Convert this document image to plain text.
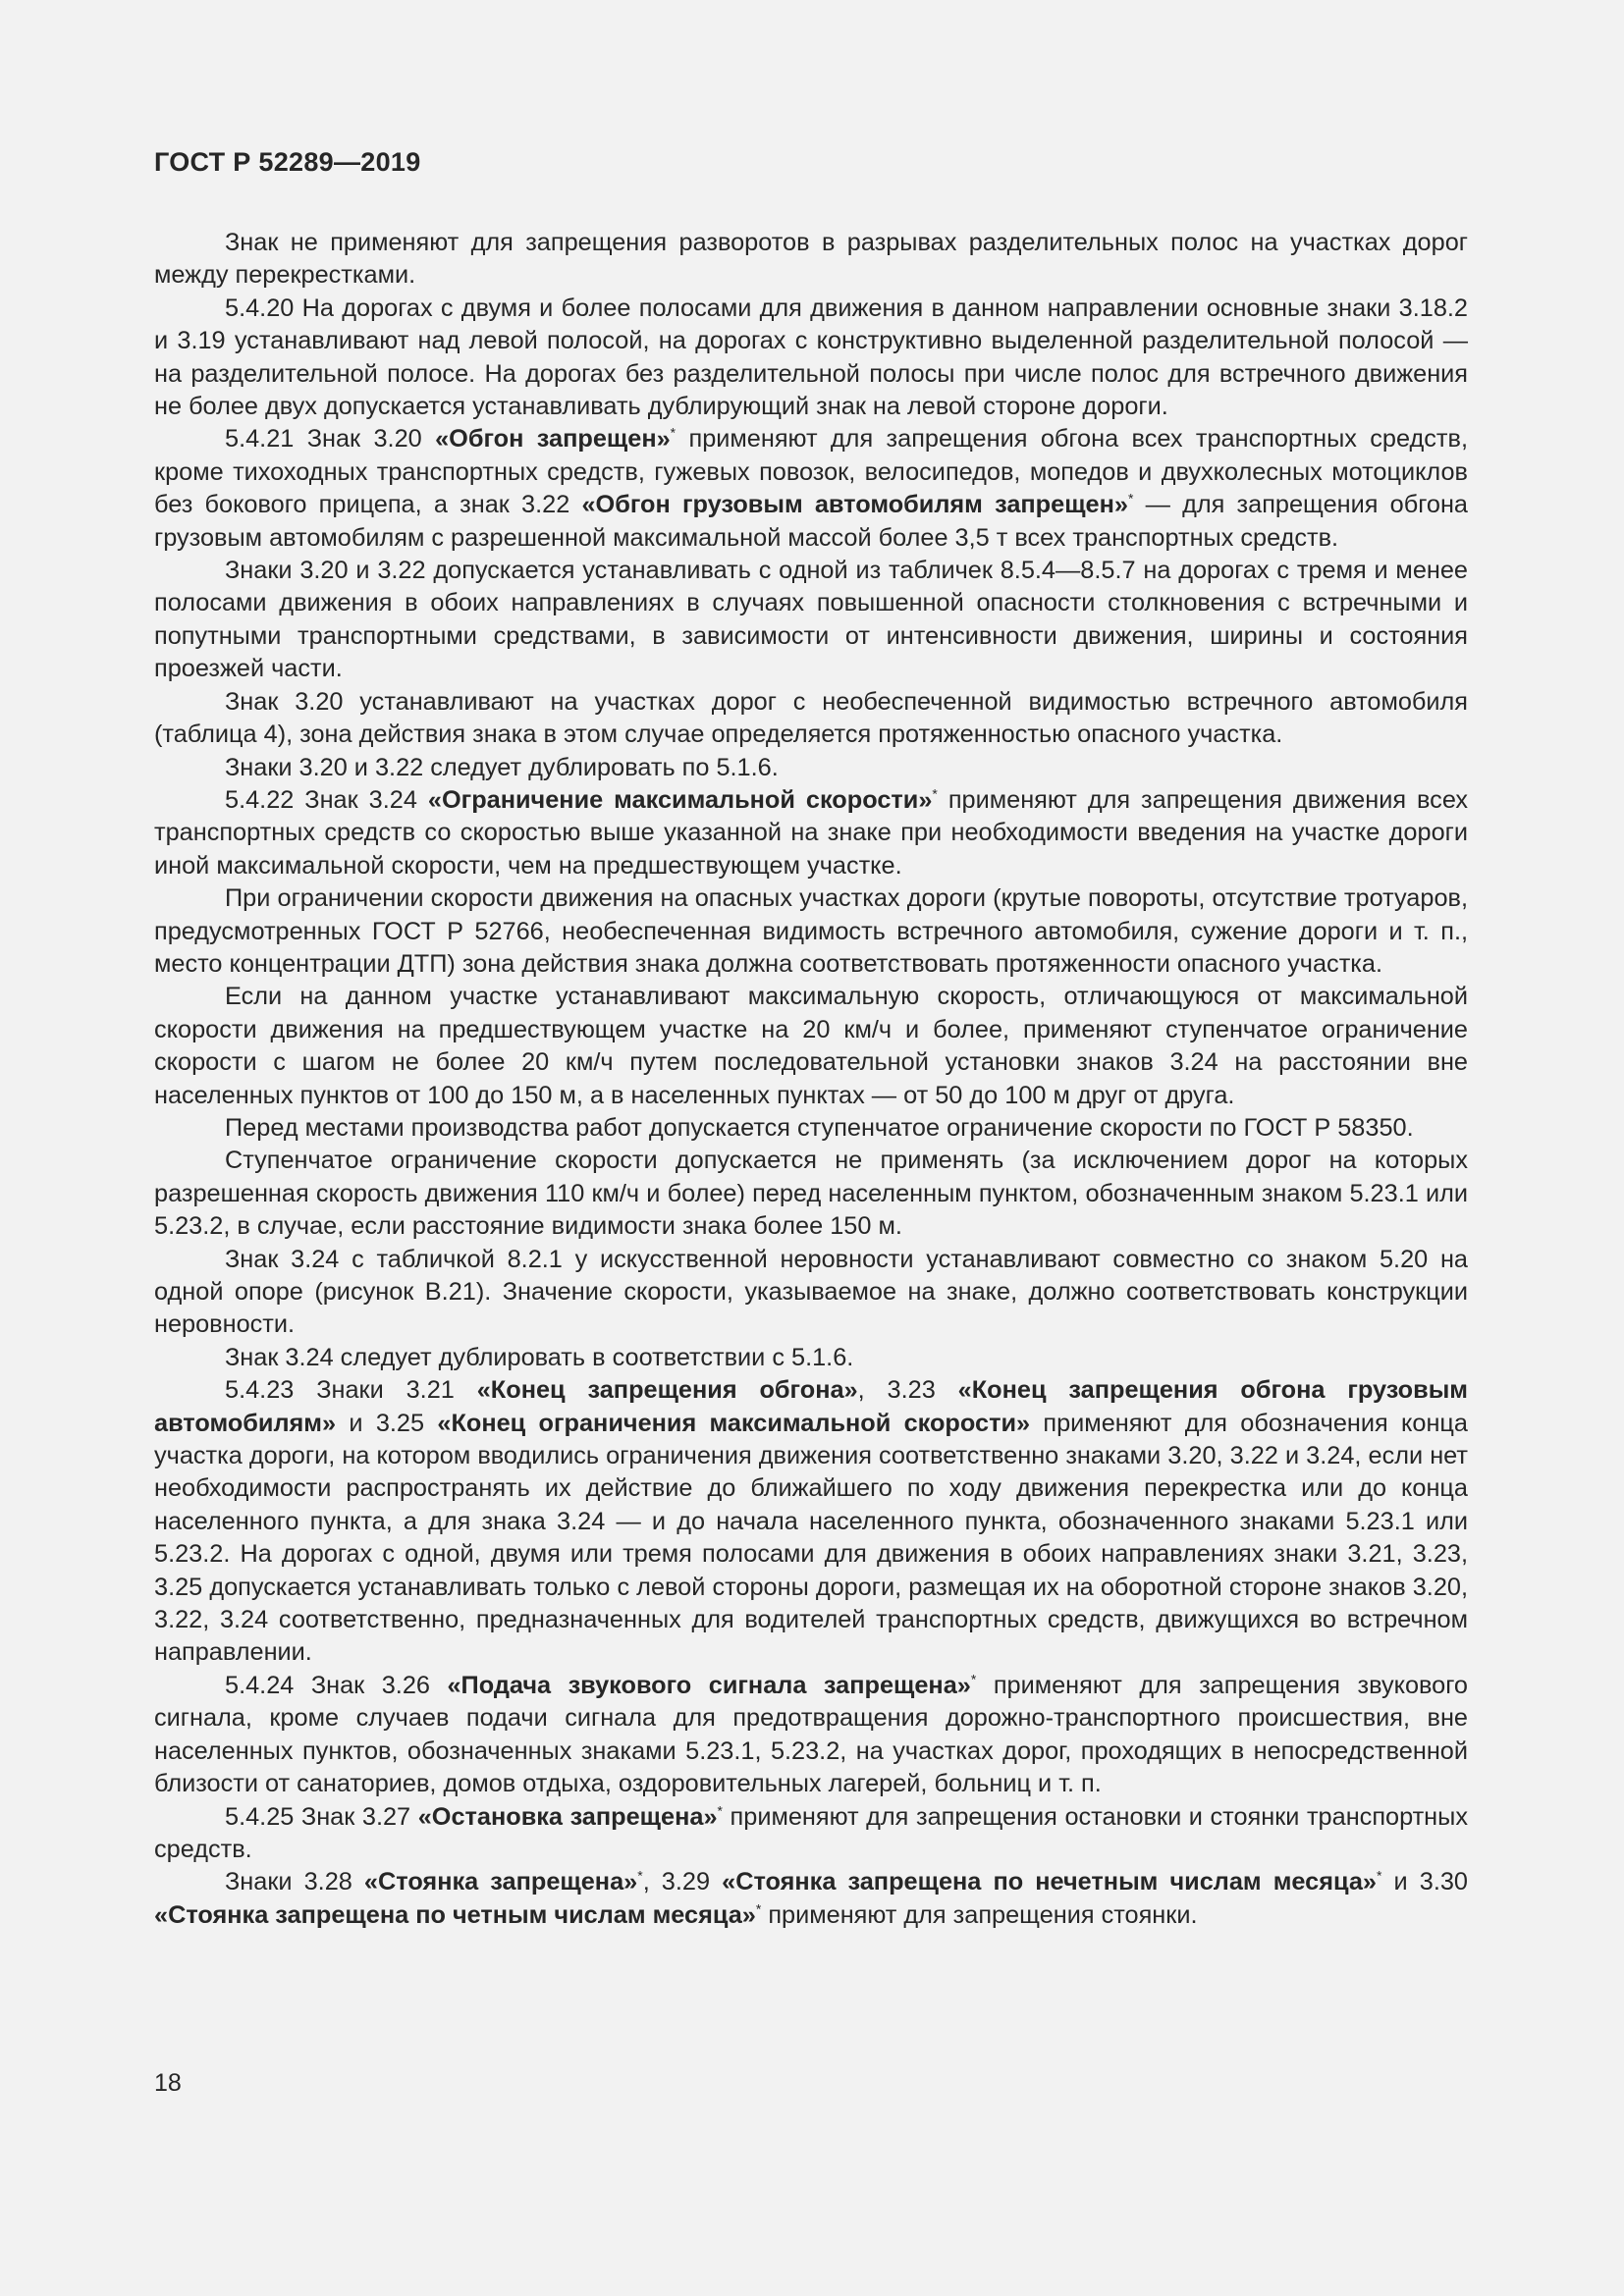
ГОСТ Р 52289—2019

Знак не применяют для запрещения разворотов в разрывах разделительных полос на участках дорог между перекрестками.

5.4.20 На дорогах с двумя и более полосами для движения в данном направлении основные знаки 3.18.2 и 3.19 устанавливают над левой полосой, на дорогах с конструктивно выделенной разделительной полосой — на разделительной полосе. На дорогах без разделительной полосы при числе полос для встречного движения не более двух допускается устанавливать дублирующий знак на левой стороне дороги.

5.4.21 Знак 3.20 «Обгон запрещен»* применяют для запрещения обгона всех транспортных средств, кроме тихоходных транспортных средств, гужевых повозок, велосипедов, мопедов и двухколесных мотоциклов без бокового прицепа, а знак 3.22 «Обгон грузовым автомобилям запрещен»* — для запрещения обгона грузовым автомобилям с разрешенной максимальной массой более 3,5 т всех транспортных средств.

Знаки 3.20 и 3.22 допускается устанавливать с одной из табличек 8.5.4—8.5.7 на дорогах с тремя и менее полосами движения в обоих направлениях в случаях повышенной опасности столкновения с встречными и попутными транспортными средствами, в зависимости от интенсивности движения, ширины и состояния проезжей части.

Знак 3.20 устанавливают на участках дорог с необеспеченной видимостью встречного автомобиля (таблица 4), зона действия знака в этом случае определяется протяженностью опасного участка.

Знаки 3.20 и 3.22 следует дублировать по 5.1.6.

5.4.22 Знак 3.24 «Ограничение максимальной скорости»* применяют для запрещения движения всех транспортных средств со скоростью выше указанной на знаке при необходимости введения на участке дороги иной максимальной скорости, чем на предшествующем участке.

При ограничении скорости движения на опасных участках дороги (крутые повороты, отсутствие тротуаров, предусмотренных ГОСТ Р 52766, необеспеченная видимость встречного автомобиля, сужение дороги и т. п., место концентрации ДТП) зона действия знака должна соответствовать протяженности опасного участка.

Если на данном участке устанавливают максимальную скорость, отличающуюся от максимальной скорости движения на предшествующем участке на 20 км/ч и более, применяют ступенчатое ограничение скорости с шагом не более 20 км/ч путем последовательной установки знаков 3.24 на расстоянии вне населенных пунктов от 100 до 150 м, а в населенных пунктах — от 50 до 100 м друг от друга.

Перед местами производства работ допускается ступенчатое ограничение скорости по ГОСТ Р 58350.

Ступенчатое ограничение скорости допускается не применять (за исключением дорог на которых разрешенная скорость движения 110 км/ч и более) перед населенным пунктом, обозначенным знаком 5.23.1 или 5.23.2, в случае, если расстояние видимости знака более 150 м.

Знак 3.24 с табличкой 8.2.1 у искусственной неровности устанавливают совместно со знаком 5.20 на одной опоре (рисунок В.21). Значение скорости, указываемое на знаке, должно соответствовать конструкции неровности.

Знак 3.24 следует дублировать в соответствии с 5.1.6.

5.4.23 Знаки 3.21 «Конец запрещения обгона», 3.23 «Конец запрещения обгона грузовым автомобилям» и 3.25 «Конец ограничения максимальной скорости» применяют для обозначения конца участка дороги, на котором вводились ограничения движения соответственно знаками 3.20, 3.22 и 3.24, если нет необходимости распространять их действие до ближайшего по ходу движения перекрестка или до конца населенного пункта, а для знака 3.24 — и до начала населенного пункта, обозначенного знаками 5.23.1 или 5.23.2. На дорогах с одной, двумя или тремя полосами для движения в обоих направлениях знаки 3.21, 3.23, 3.25 допускается устанавливать только с левой стороны дороги, размещая их на оборотной стороне знаков 3.20, 3.22, 3.24 соответственно, предназначенных для водителей транспортных средств, движущихся во встречном направлении.

5.4.24 Знак 3.26 «Подача звукового сигнала запрещена»* применяют для запрещения звукового сигнала, кроме случаев подачи сигнала для предотвращения дорожно-транспортного происшествия, вне населенных пунктов, обозначенных знаками 5.23.1, 5.23.2, на участках дорог, проходящих в непосредственной близости от санаториев, домов отдыха, оздоровительных лагерей, больниц и т. п.

5.4.25 Знак 3.27 «Остановка запрещена»* применяют для запрещения остановки и стоянки транспортных средств.

Знаки 3.28 «Стоянка запрещена»*, 3.29 «Стоянка запрещена по нечетным числам месяца»* и 3.30 «Стоянка запрещена по четным числам месяца»* применяют для запрещения стоянки.

18
